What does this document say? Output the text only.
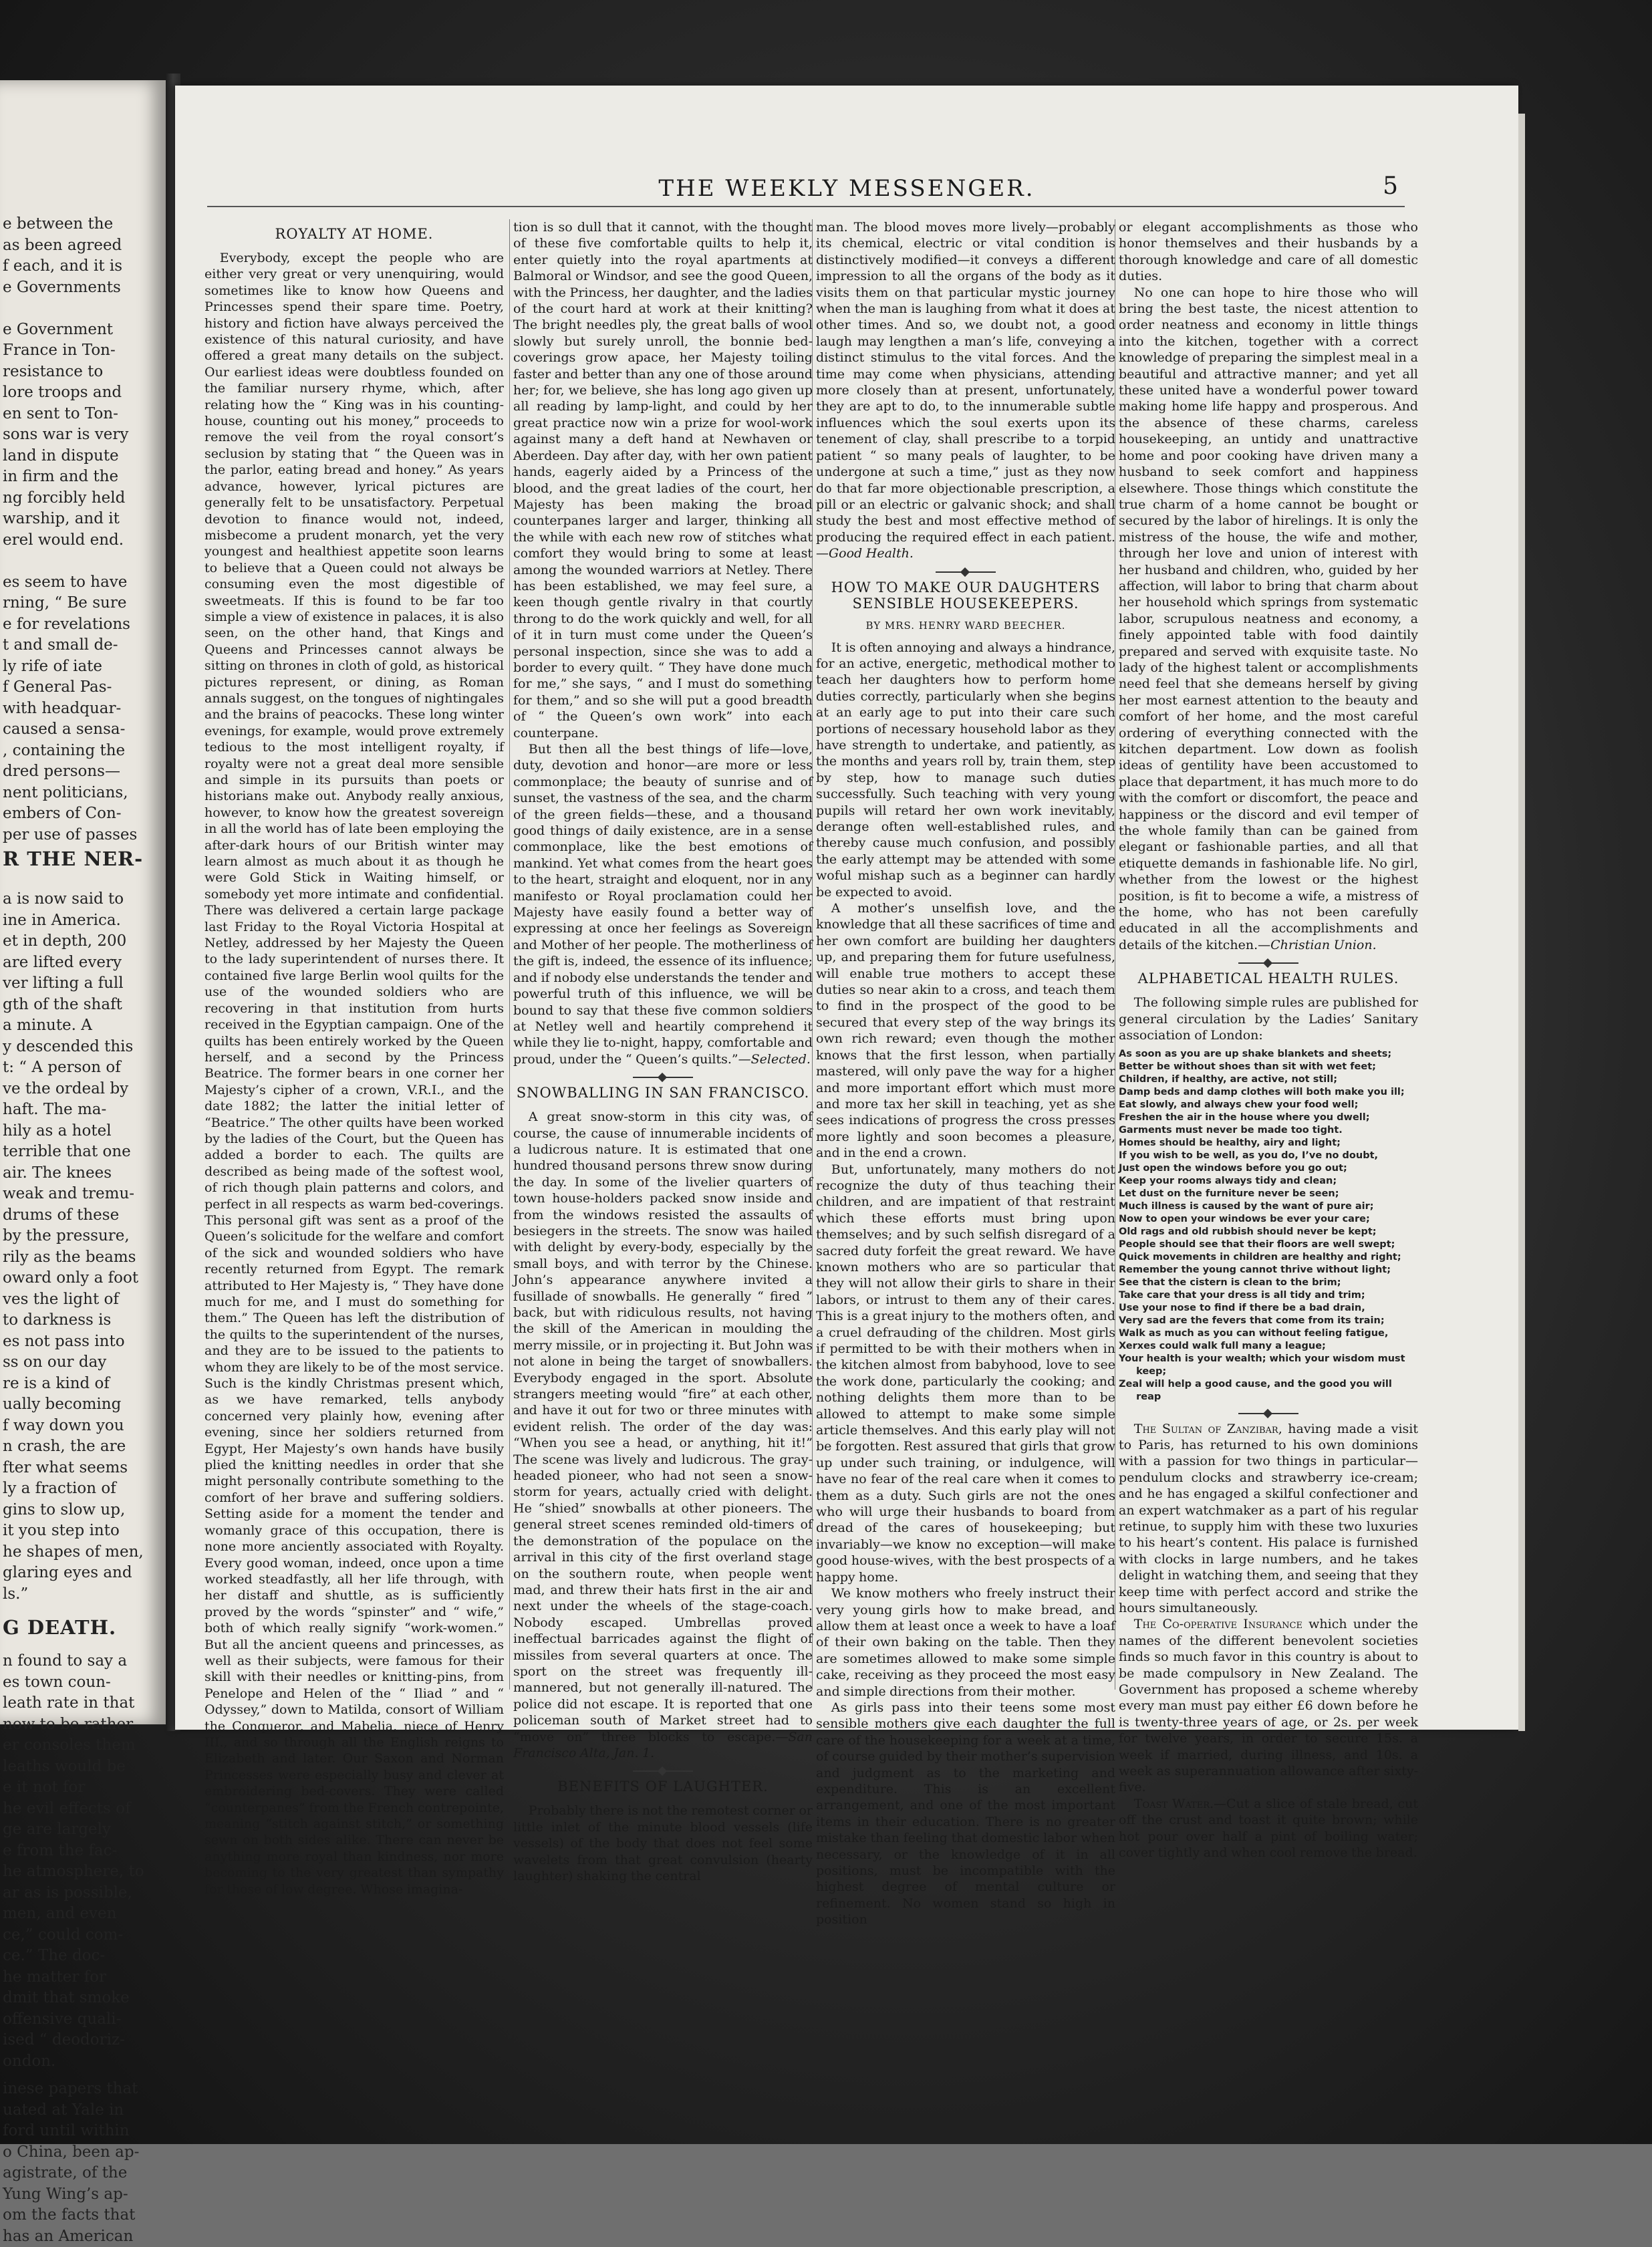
e between the
as been agreed
f each, and it is
e Governments

e Government
France in Ton-
resistance to
lore troops and
en sent to Ton-
sons war is very
land in dispute
in firm and the
ng forcibly held
warship, and it
erel would end.

es seem to have
rning, “ Be sure
e for revelations
t and small de-
ly rife of iate
f General Pas-
with headquar-
caused a sensa-
, containing the
dred persons—
nent politicians,
embers of Con-
per use of passes
R THE NER-
a is now said to
ine in America.
et in depth, 200
are lifted every
ver lifting a full
gth of the shaft
a minute. A
y descended this
t: “ A person of
ve the ordeal by
haft. The ma-
hily as a hotel
terrible that one
air. The knees
weak and tremu-
drums of these
by the pressure,
rily as the beams
oward only a foot
ves the light of
to darkness is
es not pass into
ss on our day
re is a kind of
ually becoming
f way down you
n crash, the are
fter what seems
ly a fraction of
gins to slow up,
it you step into
he shapes of men,
glaring eyes and
ls.”
G DEATH.
n found to say a
es town coun-
leath rate in that
now to be rather
er consoles them
leaths would be
e it not for
he evil effects of
ge are largely
e from the fac-
he atmosphere, to
ar as is possible,
men, and even
ce,” could com-
ce.” The doc-
he matter for
dmit that smoke
offensive quali-
ised “ deodoriz-
ondon.
inese papers that
uated at Yale in
ford until within
o China, been ap-
agistrate, of the
Yung Wing’s ap-
om the facts that
has an American
THE WEEKLY MESSENGER.	5
ROYALTY AT HOME.

Everybody, except the people who are either very great or very unenquiring, would sometimes like to know how Queens and Princesses spend their spare time. Poetry, history and fiction have always perceived the existence of this natural curiosity, and have offered a great many details on the subject. Our earliest ideas were doubtless founded on the familiar nursery rhyme, which, after relating how the “ King was in his counting-house, counting out his money,” proceeds to remove the veil from the royal consort’s seclusion by stating that “ the Queen was in the parlor, eating bread and honey.” As years advance, however, lyrical pictures are generally felt to be unsatisfactory. Perpetual devotion to finance would not, indeed, misbecome a prudent monarch, yet the very youngest and healthiest appetite soon learns to believe that a Queen could not always be consuming even the most digestible of sweetmeats. If this is found to be far too simple a view of existence in palaces, it is also seen, on the other hand, that Kings and Queens and Princesses cannot always be sitting on thrones in cloth of gold, as historical pictures represent, or dining, as Roman annals suggest, on the tongues of nightingales and the brains of peacocks. These long winter evenings, for example, would prove extremely tedious to the most intelligent royalty, if royalty were not a great deal more sensible and simple in its pursuits than poets or historians make out. Anybody really anxious, however, to know how the greatest sovereign in all the world has of late been employing the after-dark hours of our British winter may learn almost as much about it as though he were Gold Stick in Waiting himself, or somebody yet more intimate and confidential. There was delivered a certain large package last Friday to the Royal Victoria Hospital at Netley, addressed by her Majesty the Queen to the lady superintendent of nurses there. It contained five large Berlin wool quilts for the use of the wounded soldiers who are recovering in that institution from hurts received in the Egyptian campaign. One of the quilts has been entirely worked by the Queen herself, and a second by the Princess Beatrice. The former bears in one corner her Majesty’s cipher of a crown, V.R.I., and the date 1882; the latter the initial letter of “Beatrice.” The other quilts have been worked by the ladies of the Court, but the Queen has added a border to each. The quilts are described as being made of the softest wool, of rich though plain patterns and colors, and perfect in all respects as warm bed-coverings. This personal gift was sent as a proof of the Queen’s solicitude for the welfare and comfort of the sick and wounded soldiers who have recently returned from Egypt. The remark attributed to Her Majesty is, “ They have done much for me, and I must do something for them.” The Queen has left the distribution of the quilts to the superintendent of the nurses, and they are to be issued to the patients to whom they are likely to be of the most service. Such is the kindly Christmas present which, as we have remarked, tells anybody concerned very plainly how, evening after evening, since her soldiers returned from Egypt, Her Majesty’s own hands have busily plied the knitting needles in order that she might personally contribute something to the comfort of her brave and suffering soldiers. Setting aside for a moment the tender and womanly grace of this occupation, there is none more anciently associated with Royalty. Every good woman, indeed, once upon a time worked steadfastly, all her life through, with her distaff and shuttle, as is sufficiently proved by the words “spinster” and “ wife,” both of which really signify “work-women.” But all the ancient queens and princesses, as well as their subjects, were famous for their skill with their needles or knitting-pins, from Penelope and Helen of the “ Iliad ” and “ Odyssey,” down to Matilda, consort of William the Conqueror, and Mabelia, niece of Henry III., and so through all the English reigns to Elizabeth and later. Our Saxon and Norman Princesses were especially busy and clever at embroidering bed-covers. They were called “counterpanes” from the French contrepointe, meaning “stitch against stitch,” or something sewn on both sides alike. There can never be anything more royal than kindness, nor more becoming to the very greatest than sympathy for those of low degree. Whose imagina-

tion is so dull that it cannot, with the thought of these five comfortable quilts to help it, enter quietly into the royal apartments at Balmoral or Windsor, and see the good Queen, with the Princess, her daughter, and the ladies of the court hard at work at their knitting? The bright needles ply, the great balls of wool slowly but surely unroll, the bonnie bed-coverings grow apace, her Majesty toiling faster and better than any one of those around her; for, we believe, she has long ago given up all reading by lamp-light, and could by her great practice now win a prize for wool-work against many a deft hand at Newhaven or Aberdeen. Day after day, with her own patient hands, eagerly aided by a Princess of the blood, and the great ladies of the court, her Majesty has been making the broad counterpanes larger and larger, thinking all the while with each new row of stitches what comfort they would bring to some at least among the wounded warriors at Netley. There has been established, we may feel sure, a keen though gentle rivalry in that courtly throng to do the work quickly and well, for all of it in turn must come under the Queen’s personal inspection, since she was to add a border to every quilt. “ They have done much for me,” she says, “ and I must do something for them,” and so she will put a good breadth of “ the Queen’s own work” into each counterpane.

But then all the best things of life—love, duty, devotion and honor—are more or less commonplace; the beauty of sunrise and of sunset, the vastness of the sea, and the charm of the green fields—these, and a thousand good things of daily existence, are in a sense commonplace, like the best emotions of mankind. Yet what comes from the heart goes to the heart, straight and eloquent, nor in any manifesto or Royal proclamation could her Majesty have easily found a better way of expressing at once her feelings as Sovereign and Mother of her people. The motherliness of the gift is, indeed, the essence of its influence; and if nobody else understands the tender and powerful truth of this influence, we will be bound to say that these five common soldiers at Netley well and heartily comprehend it while they lie to-night, happy, comfortable and proud, under the “ Queen’s quilts.”—Selected.

SNOWBALLING IN SAN FRANCISCO.

A great snow-storm in this city was, of course, the cause of innumerable incidents of a ludicrous nature. It is estimated that one hundred thousand persons threw snow during the day. In some of the livelier quarters of town house-holders packed snow inside and from the windows resisted the assaults of besiegers in the streets. The snow was hailed with delight by every-body, especially by the small boys, and with terror by the Chinese. John’s appearance anywhere invited a fusillade of snowballs. He generally “ fired ” back, but with ridiculous results, not having the skill of the American in moulding the merry missile, or in projecting it. But John was not alone in being the target of snowballers. Everybody engaged in the sport. Absolute strangers meeting would “fire” at each other, and have it out for two or three minutes with evident relish. The order of the day was: “When you see a head, or anything, hit it!” The scene was lively and ludicrous. The gray-headed pioneer, who had not seen a snow-storm for years, actually cried with delight. He “shied” snowballs at other pioneers. The general street scenes reminded old-timers of the demonstration of the populace on the arrival in this city of the first overland stage on the southern route, when people went mad, and threw their hats first in the air and next under the wheels of the stage-coach. Nobody escaped. Umbrellas proved ineffectual barricades against the flight of missiles from several quarters at once. The sport on the street was frequently ill-mannered, but not generally ill-natured. The police did not escape. It is reported that one policeman south of Market street had to “move on” three blocks to escape.—San Francisco Alta, Jan. 1.

BENEFITS OF LAUGHTER.

Probably there is not the remotest corner or little inlet of the minute blood vessels (life vessels) of the body that does not feel some wavelets from that great convulsion (hearty laughter) shaking the central

man. The blood moves more lively—probably its chemical, electric or vital condition is distinctively modified—it conveys a different impression to all the organs of the body as it visits them on that particular mystic journey when the man is laughing from what it does at other times. And so, we doubt not, a good laugh may lengthen a man’s life, conveying a distinct stimulus to the vital forces. And the time may come when physicians, attending more closely than at present, unfortunately, they are apt to do, to the innumerable subtle influences which the soul exerts upon its tenement of clay, shall prescribe to a torpid patient “ so many peals of laughter, to be undergone at such a time,” just as they now do that far more objectionable prescription, a pill or an electric or galvanic shock; and shall study the best and most effective method of producing the required effect in each patient.—Good Health.

HOW TO MAKE OUR DAUGHTERS SENSIBLE HOUSEKEEPERS.
BY MRS. HENRY WARD BEECHER.

It is often annoying and always a hindrance, for an active, energetic, methodical mother to teach her daughters how to perform home duties correctly, particularly when she begins at an early age to put into their care such portions of necessary household labor as they have strength to undertake, and patiently, as the months and years roll by, train them, step by step, how to manage such duties successfully. Such teaching with very young pupils will retard her own work inevitably, derange often well-established rules, and thereby cause much confusion, and possibly the early attempt may be attended with some woful mishap such as a beginner can hardly be expected to avoid.

A mother’s unselfish love, and the knowledge that all these sacrifices of time and her own comfort are building her daughters up, and preparing them for future usefulness, will enable true mothers to accept these duties so near akin to a cross, and teach them to find in the prospect of the good to be secured that every step of the way brings its own rich reward; even though the mother knows that the first lesson, when partially mastered, will only pave the way for a higher and more important effort which must more and more tax her skill in teaching, yet as she sees indications of progress the cross presses more lightly and soon becomes a pleasure, and in the end a crown.

But, unfortunately, many mothers do not recognize the duty of thus teaching their children, and are impatient of that restraint which these efforts must bring upon themselves; and by such selfish disregard of a sacred duty forfeit the great reward. We have known mothers who are so particular that they will not allow their girls to share in their labors, or intrust to them any of their cares. This is a great injury to the mothers often, and a cruel defrauding of the children. Most girls if permitted to be with their mothers when in the kitchen almost from babyhood, love to see the work done, particularly the cooking; and nothing delights them more than to be allowed to attempt to make some simple article themselves. And this early play will not be forgotten. Rest assured that girls that grow up under such training, or indulgence, will have no fear of the real care when it comes to them as a duty. Such girls are not the ones who will urge their husbands to board from dread of the cares of housekeeping; but invariably—we know no exception—will make good house-wives, with the best prospects of a happy home.

We know mothers who freely instruct their very young girls how to make bread, and allow them at least once a week to have a loaf of their own baking on the table. Then they are sometimes allowed to make some simple cake, receiving as they proceed the most easy and simple directions from their mother.

As girls pass into their teens some most sensible mothers give each daughter the full care of the housekeeping for a week at a time, of course guided by their mother’s supervision and judgment as to the marketing and expenditure. This is an excellent arrangement, and one of the most important items in their education. There is no greater mistake than feeling that domestic labor when necessary, or the knowledge of it in all positions, must be incompatible with the highest degree of mental culture or refinement. No women stand so high in position

or elegant accomplishments as those who honor themselves and their husbands by a thorough knowledge and care of all domestic duties.

No one can hope to hire those who will bring the best taste, the nicest attention to order neatness and economy in little things into the kitchen, together with a correct knowledge of preparing the simplest meal in a beautiful and attractive manner; and yet all these united have a wonderful power toward making home life happy and prosperous. And the absence of these charms, careless housekeeping, an untidy and unattractive home and poor cooking have driven many a husband to seek comfort and happiness elsewhere. Those things which constitute the true charm of a home cannot be bought or secured by the labor of hirelings. It is only the mistress of the house, the wife and mother, through her love and union of interest with her husband and children, who, guided by her affection, will labor to bring that charm about her household which springs from systematic labor, scrupulous neatness and economy, a finely appointed table with food daintily prepared and served with exquisite taste. No lady of the highest talent or accomplishments need feel that she demeans herself by giving her most earnest attention to the beauty and comfort of her home, and the most careful ordering of everything connected with the kitchen department. Low down as foolish ideas of gentility have been accustomed to place that department, it has much more to do with the comfort or discomfort, the peace and happiness or the discord and evil temper of the whole family than can be gained from elegant or fashionable parties, and all that etiquette demands in fashionable life. No girl, whether from the lowest or the highest position, is fit to become a wife, a mistress of the home, who has not been carefully educated in all the accomplishments and details of the kitchen.—Christian Union.

ALPHABETICAL HEALTH RULES.

The following simple rules are published for general circulation by the Ladies’ Sanitary association of London:

As soon as you are up shake blankets and sheets;
Better be without shoes than sit with wet feet;
Children, if healthy, are active, not still;
Damp beds and damp clothes will both make you ill;
Eat slowly, and always chew your food well;
Freshen the air in the house where you dwell;
Garments must never be made too tight.
Homes should be healthy, airy and light;
If you wish to be well, as you do, I’ve no doubt,
Just open the windows before you go out;
Keep your rooms always tidy and clean;
Let dust on the furniture never be seen;
Much illness is caused by the want of pure air;
Now to open your windows be ever your care;
Old rags and old rubbish should never be kept;
People should see that their floors are well swept;
Quick movements in children are healthy and right;
Remember the young cannot thrive without light;
See that the cistern is clean to the brim;
Take care that your dress is all tidy and trim;
Use your nose to find if there be a bad drain,
Very sad are the fevers that come from its train;
Walk as much as you can without feeling fatigue,
Xerxes could walk full many a league;
Your health is your wealth; which your wisdom must keep;
Zeal will help a good cause, and the good you will reap

The Sultan of Zanzibar, having made a visit to Paris, has returned to his own dominions with a passion for two things in particular—pendulum clocks and strawberry ice-cream; and he has engaged a skilful confectioner and an expert watchmaker as a part of his regular retinue, to supply him with these two luxuries to his heart’s content. His palace is furnished with clocks in large numbers, and he takes delight in watching them, and seeing that they keep time with perfect accord and strike the hours simultaneously.

The Co-operative Insurance which under the names of the different benevolent societies finds so much favor in this country is about to be made compulsory in New Zealand. The Government has proposed a scheme whereby every man must pay either £6 down before he is twenty-three years of age, or 2s. per week for twelve years, in order to secure 15s. a week if married, during illness, and 10s. a week as superannuation allowance after sixty-five.

Toast Water.—Cut a slice of stale bread, cut off the crust and toast it quite brown; while hot pour over half a pint of boiling water; cover tightly and when cool remove the bread.
